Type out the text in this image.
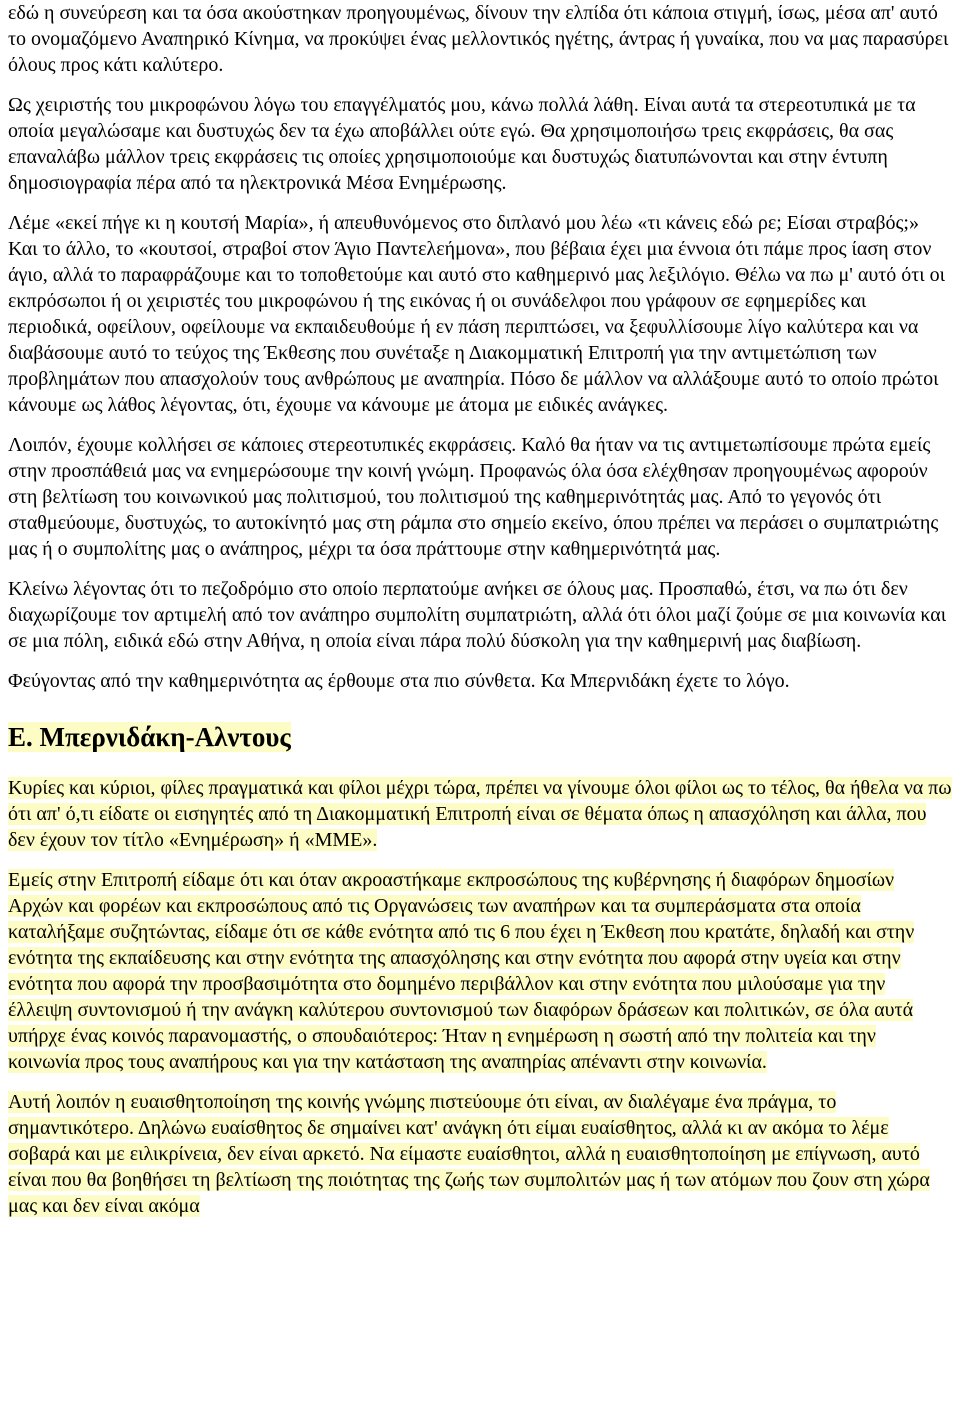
εδώ η συνεύρεση και τα όσα ακούστηκαν προηγουμένως, δίνουν την ελπίδα ότι κάποια στιγμή, ίσως, μέσα απ' αυτό το ονομαζόμενο Αναπηρικό Κίνημα, να προκύψει ένας μελλοντικός ηγέτης, άντρας ή γυναίκα, που να μας παρασύρει όλους προς κάτι καλύτερο.

Ως χειριστής του μικροφώνου λόγω του επαγγέλματός μου, κάνω πολλά λάθη. Είναι αυτά τα στερεοτυπικά με τα οποία μεγαλώσαμε και δυστυχώς δεν τα έχω αποβάλλει ούτε εγώ. Θα χρησιμοποιήσω τρεις εκφράσεις, θα σας επαναλάβω μάλλον τρεις εκφράσεις τις οποίες χρησιμοποιούμε και δυστυχώς διατυπώνονται και στην έντυπη δημοσιογραφία πέρα από τα ηλεκτρονικά Μέσα Ενημέρωσης.

Λέμε «εκεί πήγε κι η κουτσή Μαρία», ή απευθυνόμενος στο διπλανό μου λέω «τι κάνεις εδώ ρε; Είσαι στραβός;» Και το άλλο, το «κουτσοί, στραβοί στον Άγιο Παντελεήμονα», που βέβαια έχει μια έννοια ότι πάμε προς ίαση στον άγιο, αλλά το παραφράζουμε και το τοποθετούμε και αυτό στο καθημερινό μας λεξιλόγιο. Θέλω να πω μ' αυτό ότι οι εκπρόσωποι ή οι χειριστές του μικροφώνου ή της εικόνας ή οι συνάδελφοι που γράφουν σε εφημερίδες και περιοδικά, οφείλουν, οφείλουμε να εκπαιδευθούμε ή εν πάση περιπτώσει, να ξεφυλλίσουμε λίγο καλύτερα και να διαβάσουμε αυτό το τεύχος της Έκθεσης που συνέταξε η Διακομματική Επιτροπή για την αντιμετώπιση των προβλημάτων που απασχολούν τους ανθρώπους με αναπηρία. Πόσο δε μάλλον να αλλάξουμε αυτό το οποίο πρώτοι κάνουμε ως λάθος λέγοντας, ότι, έχουμε να κάνουμε με άτομα με ειδικές ανάγκες.

Λοιπόν, έχουμε κολλήσει σε κάποιες στερεοτυπικές εκφράσεις. Καλό θα ήταν να τις αντιμετωπίσουμε πρώτα εμείς στην προσπάθειά μας να ενημερώσουμε την κοινή γνώμη. Προφανώς όλα όσα ελέχθησαν προηγουμένως αφορούν στη βελτίωση του κοινωνικού μας πολιτισμού, του πολιτισμού της καθημερινότητάς μας. Από το γεγονός ότι σταθμεύουμε, δυστυχώς, το αυτοκίνητό μας στη ράμπα στο σημείο εκείνο, όπου πρέπει να περάσει ο συμπατριώτης μας ή ο συμπολίτης μας ο ανάπηρος, μέχρι τα όσα πράττουμε στην καθημερινότητά μας.

Κλείνω λέγοντας ότι το πεζοδρόμιο στο οποίο περπατούμε ανήκει σε όλους μας. Προσπαθώ, έτσι, να πω ότι δεν διαχωρίζουμε τον αρτιμελή από τον ανάπηρο συμπολίτη συμπατριώτη, αλλά ότι όλοι μαζί ζούμε σε μια κοινωνία και σε μια πόλη, ειδικά εδώ στην Αθήνα, η οποία είναι πάρα πολύ δύσκολη για την καθημερινή μας διαβίωση.

Φεύγοντας από την καθημερινότητα ας έρθουμε στα πιο σύνθετα. Κα Μπερνιδάκη έχετε το λόγο.

Ε. Μπερνιδάκη-Αλντους

Κυρίες και κύριοι, φίλες πραγματικά και φίλοι μέχρι τώρα, πρέπει να γίνουμε όλοι φίλοι ως το τέλος, θα ήθελα να πω ότι απ' ό,τι είδατε οι εισηγητές από τη Διακομματική Επιτροπή είναι σε θέματα όπως η απασχόληση και άλλα, που δεν έχουν τον τίτλο «Ενημέρωση» ή «ΜΜΕ».

Εμείς στην Επιτροπή είδαμε ότι και όταν ακροαστήκαμε εκπροσώπους της κυβέρνησης ή διαφόρων δημοσίων Αρχών και φορέων και εκπροσώπους από τις Οργανώσεις των αναπήρων και τα συμπεράσματα στα οποία καταλήξαμε συζητώντας, είδαμε ότι σε κάθε ενότητα από τις 6 που έχει η Έκθεση που κρατάτε, δηλαδή και στην ενότητα της εκπαίδευσης και στην ενότητα της απασχόλησης και στην ενότητα που αφορά στην υγεία και στην ενότητα που αφορά την προσβασιμότητα στο δομημένο περιβάλλον και στην ενότητα που μιλούσαμε για την έλλειψη συντονισμού ή την ανάγκη καλύτερου συντονισμού των διαφόρων δράσεων και πολιτικών, σε όλα αυτά υπήρχε ένας κοινός παρανομαστής, ο σπουδαιότερος: Ήταν η ενημέρωση η σωστή από την πολιτεία και την κοινωνία προς τους αναπήρους και για την κατάσταση της αναπηρίας απέναντι στην κοινωνία.

Αυτή λοιπόν η ευαισθητοποίηση της κοινής γνώμης πιστεύουμε ότι είναι, αν διαλέγαμε ένα πράγμα, το σημαντικότερο. Δηλώνω ευαίσθητος δε σημαίνει κατ' ανάγκη ότι είμαι ευαίσθητος, αλλά κι αν ακόμα το λέμε σοβαρά και με ειλικρίνεια, δεν είναι αρκετό. Να είμαστε ευαίσθητοι, αλλά η ευαισθητοποίηση με επίγνωση, αυτό είναι που θα βοηθήσει τη βελτίωση της ποιότητας της ζωής των συμπολιτών μας ή των ατόμων που ζουν στη χώρα μας και δεν είναι ακόμα
